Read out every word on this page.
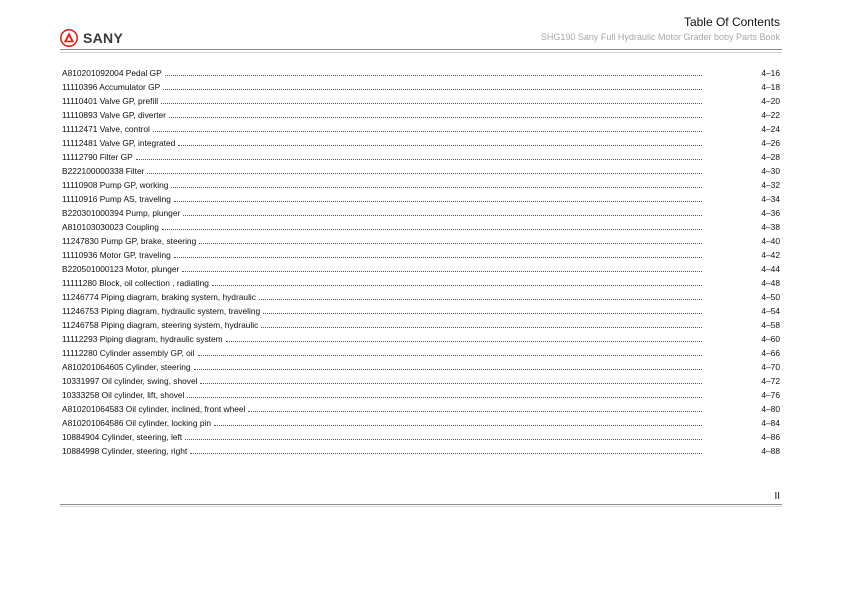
SANY
Table Of Contents
SHG190 Sany Full Hydraulic Motor Grader boby Parts Book
A810201092004 Pedal GP	4–16
11110396 Accumulator GP	4–18
11110401 Valve GP, prefill	4–20
11110893 Valve GP, diverter	4–22
11112471 Valve, control	4–24
11112481 Valve GP, integrated	4–26
11112790 Filter GP	4–28
B222100000338 Filter	4–30
11110908 Pump GP, working	4–32
11110916 Pump AS, traveling	4–34
B220301000394 Pump, plunger	4–36
A810103030023 Coupling	4–38
11247830 Pump GP, brake, steering	4–40
11110936 Motor GP, traveling	4–42
B220501000123 Motor, plunger	4–44
11111280 Block, oil collection , radiating	4–48
11246774 Piping diagram, braking system, hydraulic	4–50
11246753 Piping diagram, hydraulic system, traveling	4–54
11246758 Piping diagram, steering system, hydraulic	4–58
11112293 Piping diagram, hydraulic system	4–60
11112280 Cylinder assembly GP, oil	4–66
A810201064605 Cylinder, steering	4–70
10331997 Oil cylinder, swing, shovel	4–72
10333258 Oil cylinder, lift, shovel	4–76
A810201064583 Oil cylinder, inclined, front wheel	4–80
A810201064586 Oil cylinder, locking pin	4–84
10884904 Cylinder, steering, left	4–86
10884998 Cylinder, steering, right	4–88
II
